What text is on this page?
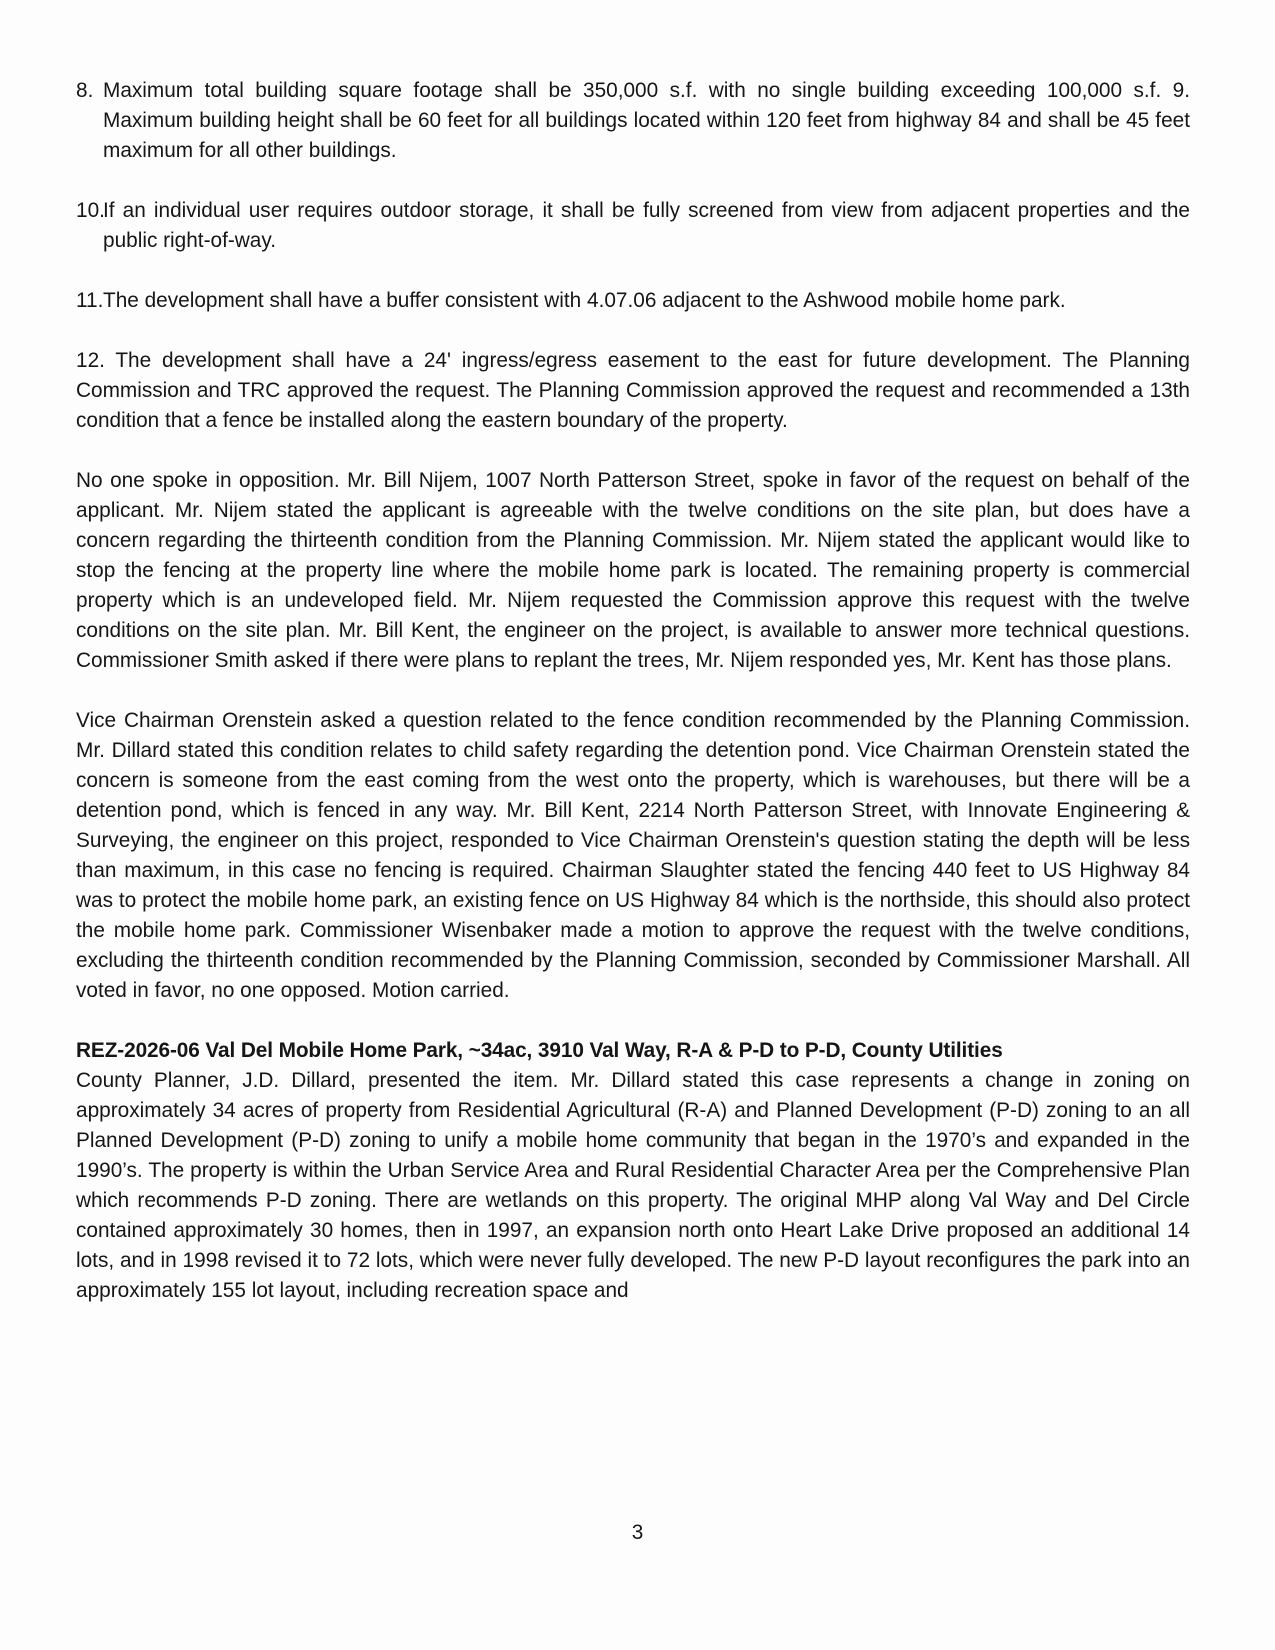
8. Maximum total building square footage shall be 350,000 s.f. with no single building exceeding 100,000 s.f. 9. Maximum building height shall be 60 feet for all buildings located within 120 feet from highway 84 and shall be 45 feet maximum for all other buildings.

10.

If an individual user requires outdoor storage, it shall be fully screened from view from adjacent properties and the public right-of-way.

11. The development shall have a buffer consistent with 4.07.06 adjacent to the Ashwood mobile home park.

12. The development shall have a 24' ingress/egress easement to the east for future development. The Planning Commission and TRC approved the request. The Planning Commission approved the request and recommended a 13th condition that a fence be installed along the eastern boundary of the property.

No one spoke in opposition. Mr. Bill Nijem, 1007 North Patterson Street, spoke in favor of the request on behalf of the applicant. Mr. Nijem stated the applicant is agreeable with the twelve conditions on the site plan, but does have a concern regarding the thirteenth condition from the Planning Commission. Mr. Nijem stated the applicant would like to stop the fencing at the property line where the mobile home park is located. The remaining property is commercial property which is an undeveloped field. Mr. Nijem requested the Commission approve this request with the twelve conditions on the site plan. Mr. Bill Kent, the engineer on the project, is available to answer more technical questions. Commissioner Smith asked if there were plans to replant the trees, Mr. Nijem responded yes, Mr. Kent has those plans.

Vice Chairman Orenstein asked a question related to the fence condition recommended by the Planning Commission. Mr. Dillard stated this condition relates to child safety regarding the detention pond. Vice Chairman Orenstein stated the concern is someone from the east coming from the west onto the property, which is warehouses, but there will be a detention pond, which is fenced in any way. Mr. Bill Kent, 2214 North Patterson Street, with Innovate Engineering & Surveying, the engineer on this project, responded to Vice Chairman Orenstein's question stating the depth will be less than maximum, in this case no fencing is required. Chairman Slaughter stated the fencing 440 feet to US Highway 84 was to protect the mobile home park, an existing fence on US Highway 84 which is the northside, this should also protect the mobile home park. Commissioner Wisenbaker made a motion to approve the request with the twelve conditions, excluding the thirteenth condition recommended by the Planning Commission, seconded by Commissioner Marshall. All voted in favor, no one opposed. Motion carried.

REZ-2026-06 Val Del Mobile Home Park, ~34ac, 3910 Val Way, R-A & P-D to P-D, County Utilities

County Planner, J.D. Dillard, presented the item. Mr. Dillard stated this case represents a change in zoning on approximately 34 acres of property from Residential Agricultural (R-A) and Planned Development (P-D) zoning to an all Planned Development (P-D) zoning to unify a mobile home community that began in the 1970’s and expanded in the 1990’s. The property is within the Urban Service Area and Rural Residential Character Area per the Comprehensive Plan which recommends P-D zoning. There are wetlands on this property. The original MHP along Val Way and Del Circle contained approximately 30 homes, then in 1997, an expansion north onto Heart Lake Drive proposed an additional 14 lots, and in 1998 revised it to 72 lots, which were never fully developed. The new P-D layout reconfigures the park into an approximately 155 lot layout, including recreation space and

3
